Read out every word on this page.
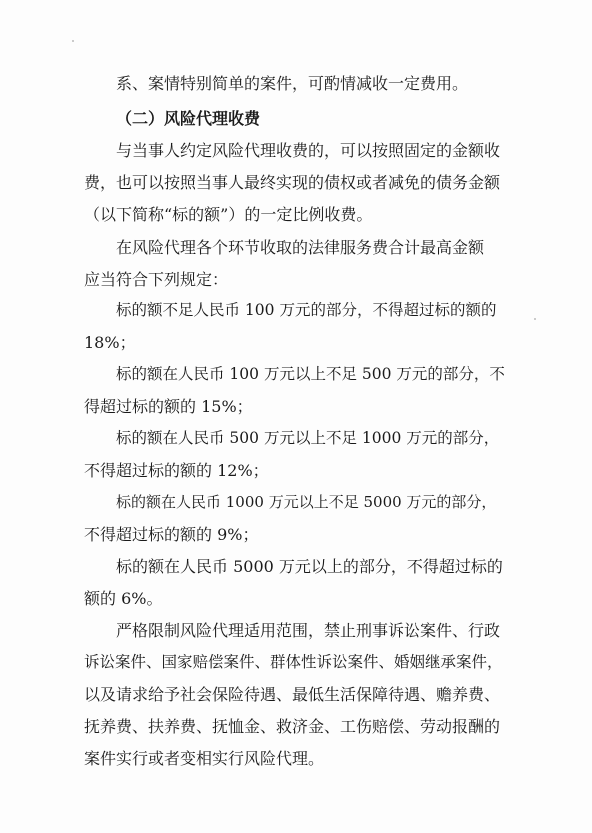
系、案情特别简单的案件，可酌情减收一定费用。
（二）风险代理收费
与当事人约定风险代理收费的，可以按照固定的金额收
费，也可以按照当事人最终实现的债权或者减免的债务金额
（以下简称“标的额”）的一定比例收费。
在风险代理各个环节收取的法律服务费合计最高金额
应当符合下列规定：
标的额不足人民币 100 万元的部分，不得超过标的额的
18%；
标的额在人民币 100 万元以上不足 500 万元的部分，不
得超过标的额的 15%；
标的额在人民币 500 万元以上不足 1000 万元的部分，
不得超过标的额的 12%；
标的额在人民币 1000 万元以上不足 5000 万元的部分，
不得超过标的额的 9%；
标的额在人民币 5000 万元以上的部分，不得超过标的
额的 6%。
严格限制风险代理适用范围，禁止刑事诉讼案件、行政
诉讼案件、国家赔偿案件、群体性诉讼案件、婚姻继承案件，
以及请求给予社会保险待遇、最低生活保障待遇、赡养费、
抚养费、扶养费、抚恤金、救济金、工伤赔偿、劳动报酬的
案件实行或者变相实行风险代理。
